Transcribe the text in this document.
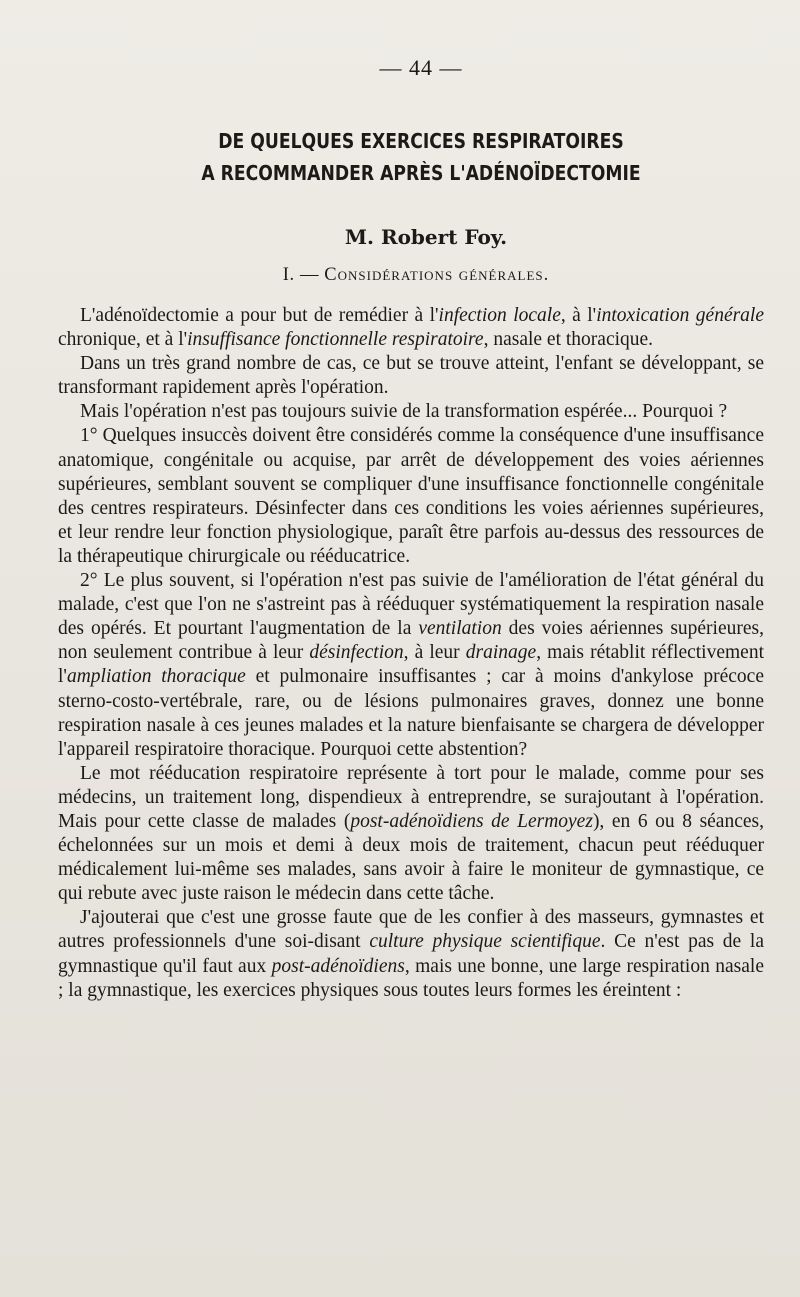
— 44 —
DE QUELQUES EXERCICES RESPIRATOIRES
A RECOMMANDER APRÈS L'ADÉNOÏDECTOMIE
M. Robert Foy.
I. — Considérations générales.

L'adénoïdectomie a pour but de remédier à l'infection locale, à l'intoxication générale chronique, et à l'insuffisance fonctionnelle respiratoire, nasale et thoracique.

Dans un très grand nombre de cas, ce but se trouve atteint, l'enfant se développant, se transformant rapidement après l'opération.

Mais l'opération n'est pas toujours suivie de la transformation espérée... Pourquoi ?

1° Quelques insuccès doivent être considérés comme la conséquence d'une insuffisance anatomique, congénitale ou acquise, par arrêt de développement des voies aériennes supérieures, semblant souvent se compliquer d'une insuffisance fonctionnelle congénitale des centres respirateurs. Désinfecter dans ces conditions les voies aériennes supérieures, et leur rendre leur fonction physiologique, paraît être parfois au-dessus des ressources de la thérapeutique chirurgicale ou rééducatrice.

2° Le plus souvent, si l'opération n'est pas suivie de l'amélioration de l'état général du malade, c'est que l'on ne s'astreint pas à rééduquer systématiquement la respiration nasale des opérés. Et pourtant l'augmentation de la ventilation des voies aériennes supérieures, non seulement contribue à leur désinfection, à leur drainage, mais rétablit réflectivement l'ampliation thoracique et pulmonaire insuffisantes ; car à moins d'ankylose précoce sterno-costo-vertébrale, rare, ou de lésions pulmonaires graves, donnez une bonne respiration nasale à ces jeunes malades et la nature bienfaisante se chargera de développer l'appareil respiratoire thoracique. Pourquoi cette abstention?

Le mot rééducation respiratoire représente à tort pour le malade, comme pour ses médecins, un traitement long, dispendieux à entreprendre, se surajoutant à l'opération. Mais pour cette classe de malades (post-adénoïdiens de Lermoyez), en 6 ou 8 séances, échelonnées sur un mois et demi à deux mois de traitement, chacun peut rééduquer médicalement lui-même ses malades, sans avoir à faire le moniteur de gymnastique, ce qui rebute avec juste raison le médecin dans cette tâche.

J'ajouterai que c'est une grosse faute que de les confier à des masseurs, gymnastes et autres professionnels d'une soi-disant culture physique scientifique. Ce n'est pas de la gymnastique qu'il faut aux post-adénoïdiens, mais une bonne, une large respiration nasale ; la gymnastique, les exercices physiques sous toutes leurs formes les éreintent :
